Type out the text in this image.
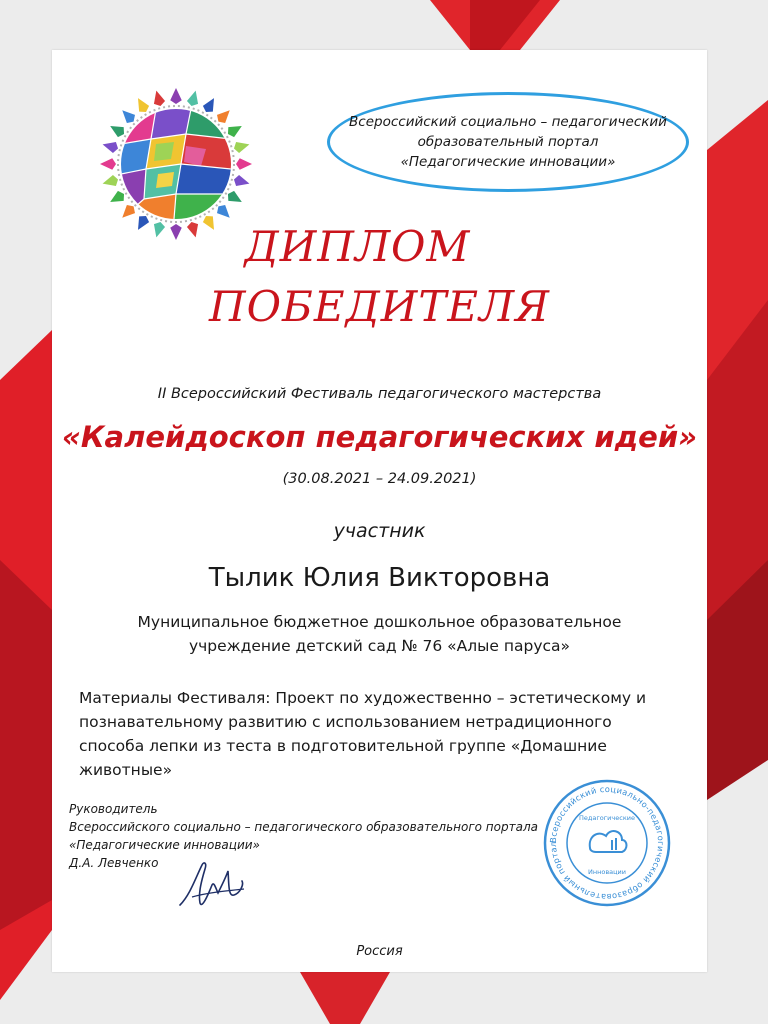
Всероссийский социально – педагогический
образовательный портал
«Педагогические инновации»
ДИПЛОМ
ПОБЕДИТЕЛЯ
II Всероссийский Фестиваль педагогического мастерства
«Калейдоскоп педагогических идей»
(30.08.2021 – 24.09.2021)
участник
Тылик Юлия Викторовна
Муниципальное бюджетное дошкольное образовательное
учреждение детский сад № 76 «Алые паруса»
Материалы Фестиваля: Проект по художественно – эстетическому и
познавательному развитию с использованием нетрадиционного
способа лепки из теста в подготовительной группе «Домашние
животные»
Руководитель
Всероссийского социально – педагогического образовательного портала
«Педагогические инновации»
Д.А. Левченко
Всероссийский социально-педагогический образовательный портал
Педагогические
Инновации
Россия
